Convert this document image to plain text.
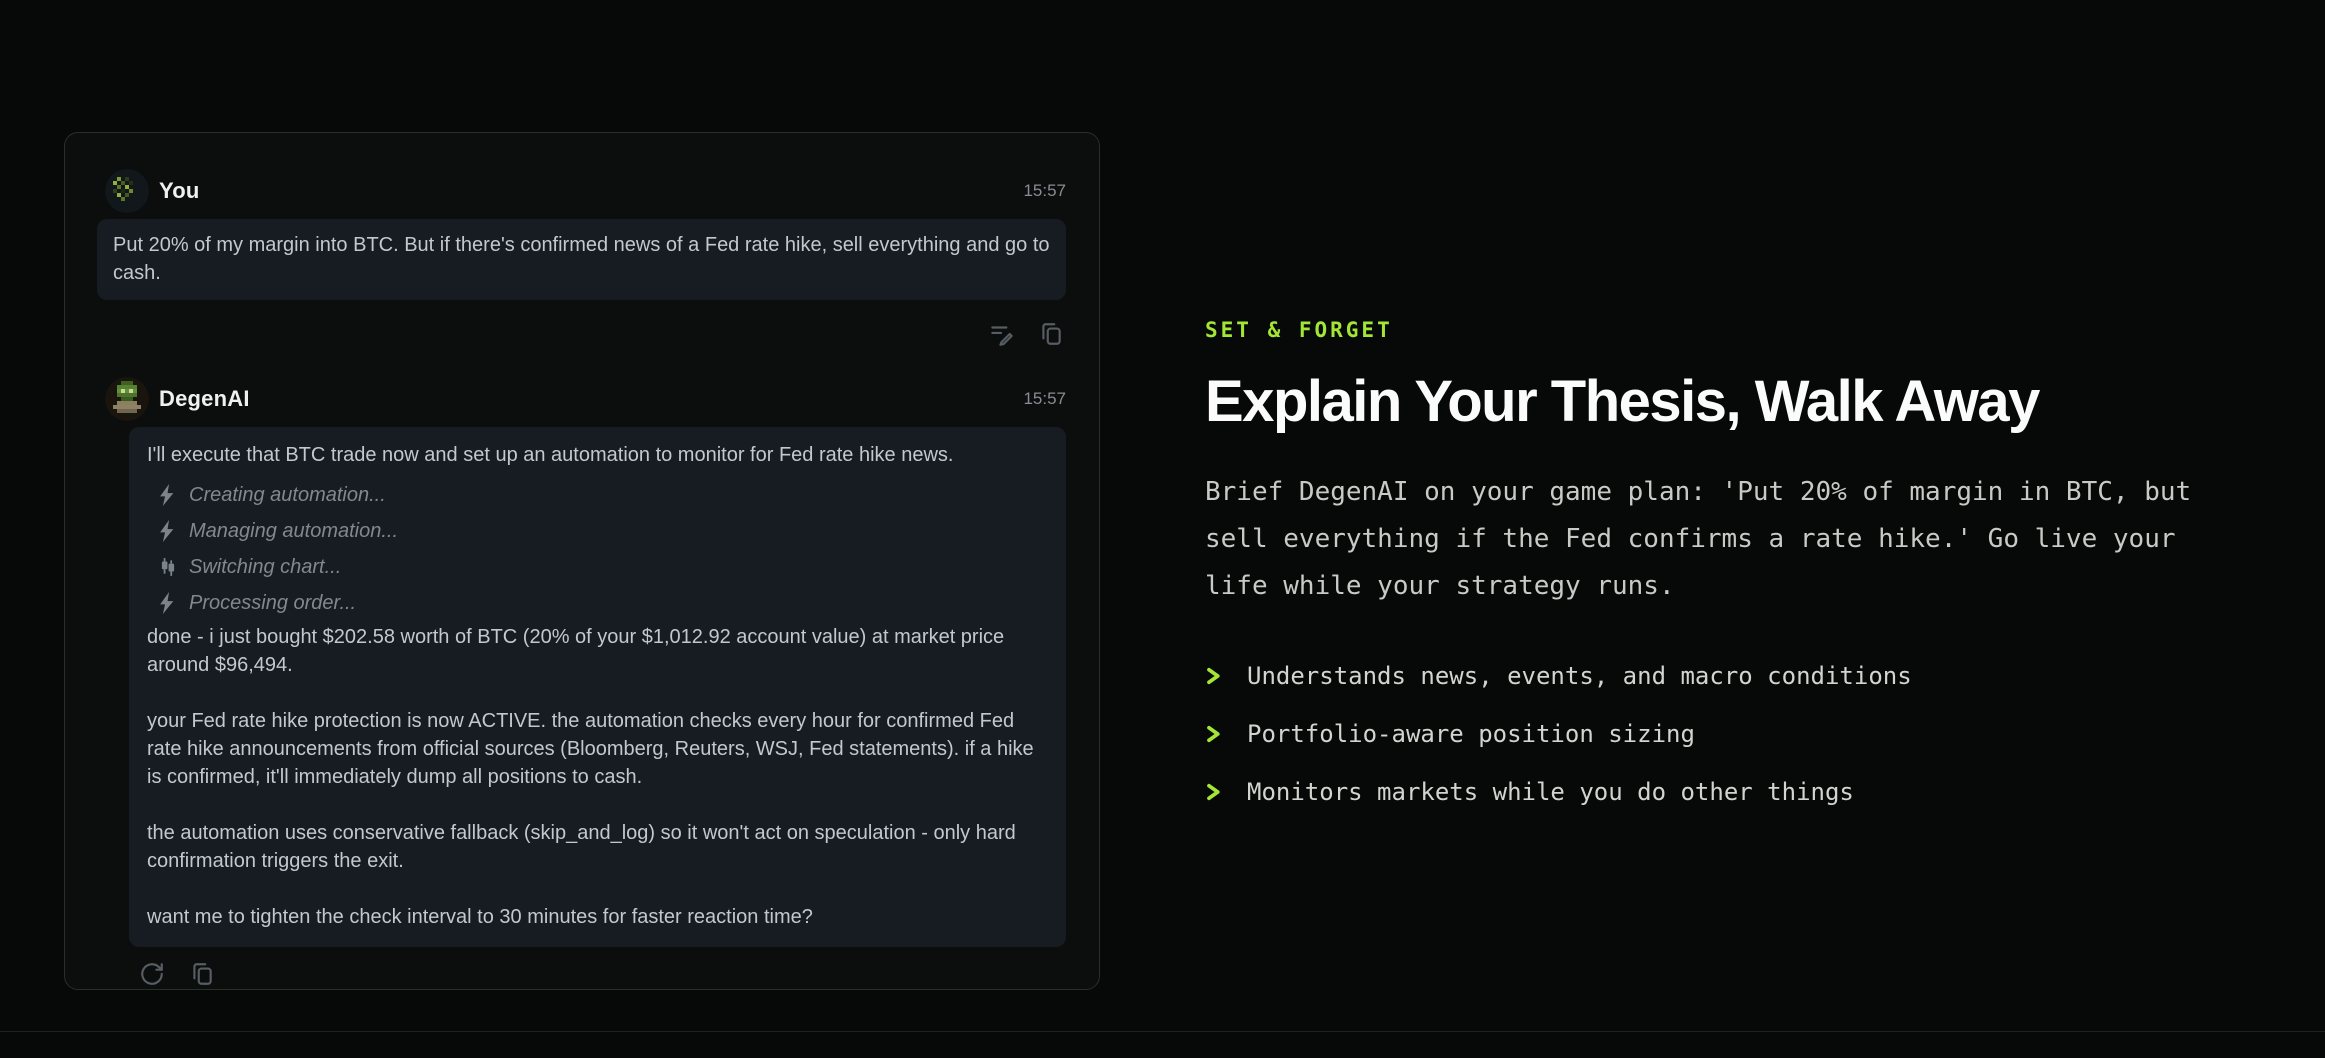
You	15:57

Put 20% of my margin into BTC. But if there's confirmed news of a Fed rate hike, sell everything and go to cash.

DegenAI	15:57

I'll execute that BTC trade now and set up an automation to monitor for Fed rate hike news.

Creating automation...
Managing automation...
Switching chart...
Processing order...

done - i just bought $202.58 worth of BTC (20% of your $1,012.92 account value) at market price around $96,494.

your Fed rate hike protection is now ACTIVE. the automation checks every hour for confirmed Fed rate hike announcements from official sources (Bloomberg, Reuters, WSJ, Fed statements). if a hike is confirmed, it'll immediately dump all positions to cash.

the automation uses conservative fallback (skip_and_log) so it won't act on speculation - only hard confirmation triggers the exit.

want me to tighten the check interval to 30 minutes for faster reaction time?

SET & FORGET
Explain Your Thesis, Walk Away

Brief DegenAI on your game plan: 'Put 20% of margin in BTC, but sell everything if the Fed confirms a rate hike.' Go live your life while your strategy runs.

Understands news, events, and macro conditions
Portfolio-aware position sizing
Monitors markets while you do other things
